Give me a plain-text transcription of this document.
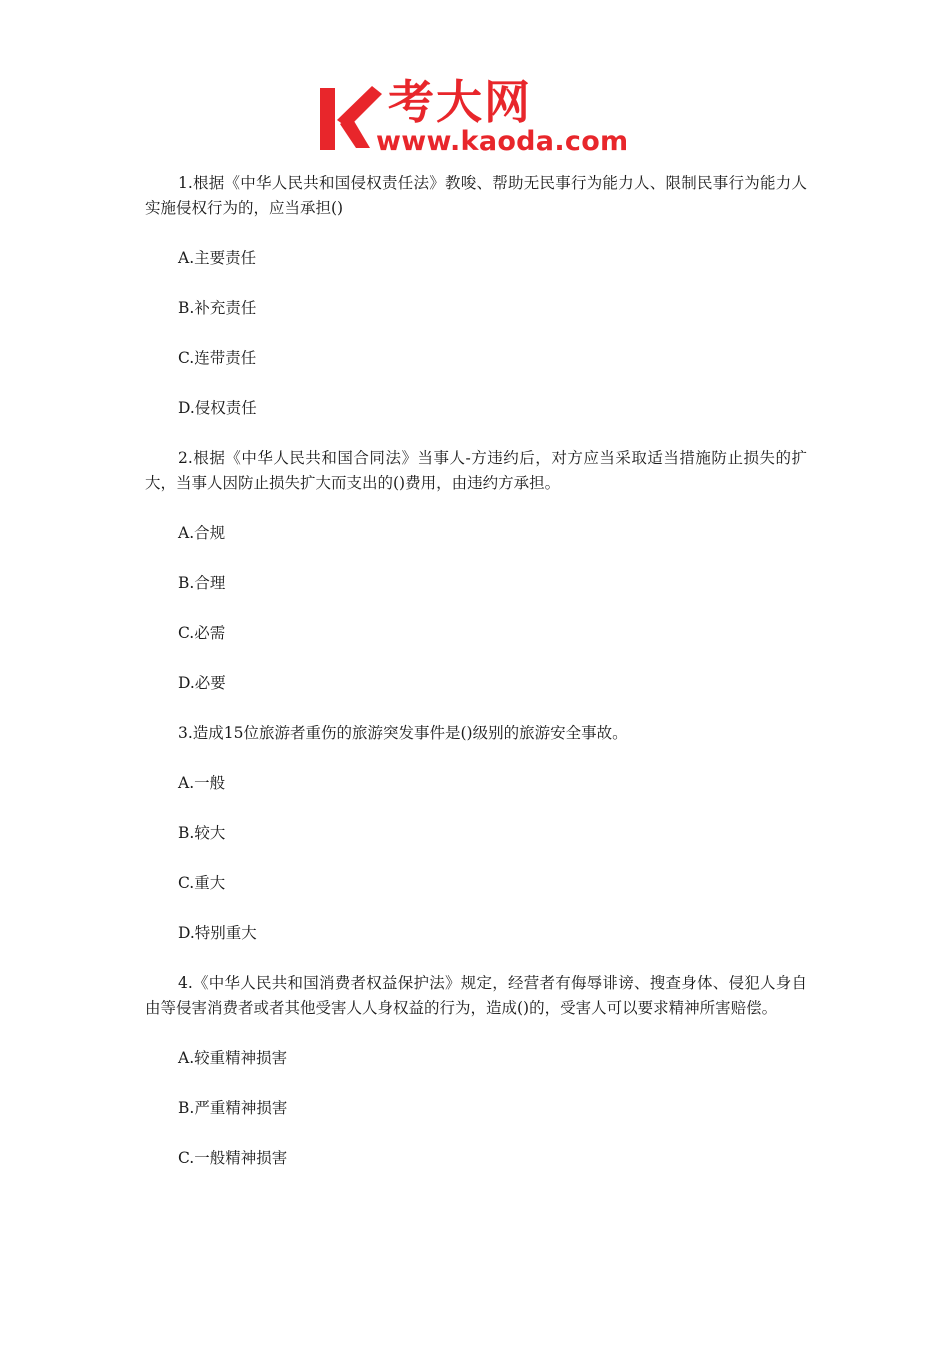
考大网
www.kaoda.com

1.根据《中华人民共和国侵权责任法》教唆、帮助无民事行为能力人、限制民事行为能力人实施侵权行为的，应当承担()

A.主要责任

B.补充责任

C.连带责任

D.侵权责任

2.根据《中华人民共和国合同法》当事人-方违约后，对方应当采取适当措施防止损失的扩大，当事人因防止损失扩大而支出的()费用，由违约方承担。

A.合规

B.合理

C.必需

D.必要

3.造成15位旅游者重伤的旅游突发事件是()级别的旅游安全事故。

A.一般

B.较大

C.重大

D.特别重大

4.《中华人民共和国消费者权益保护法》规定，经营者有侮辱诽谤、搜查身体、侵犯人身自由等侵害消费者或者其他受害人人身权益的行为，造成()的，受害人可以要求精神所害赔偿。

A.较重精神损害

B.严重精神损害

C.一般精神损害
